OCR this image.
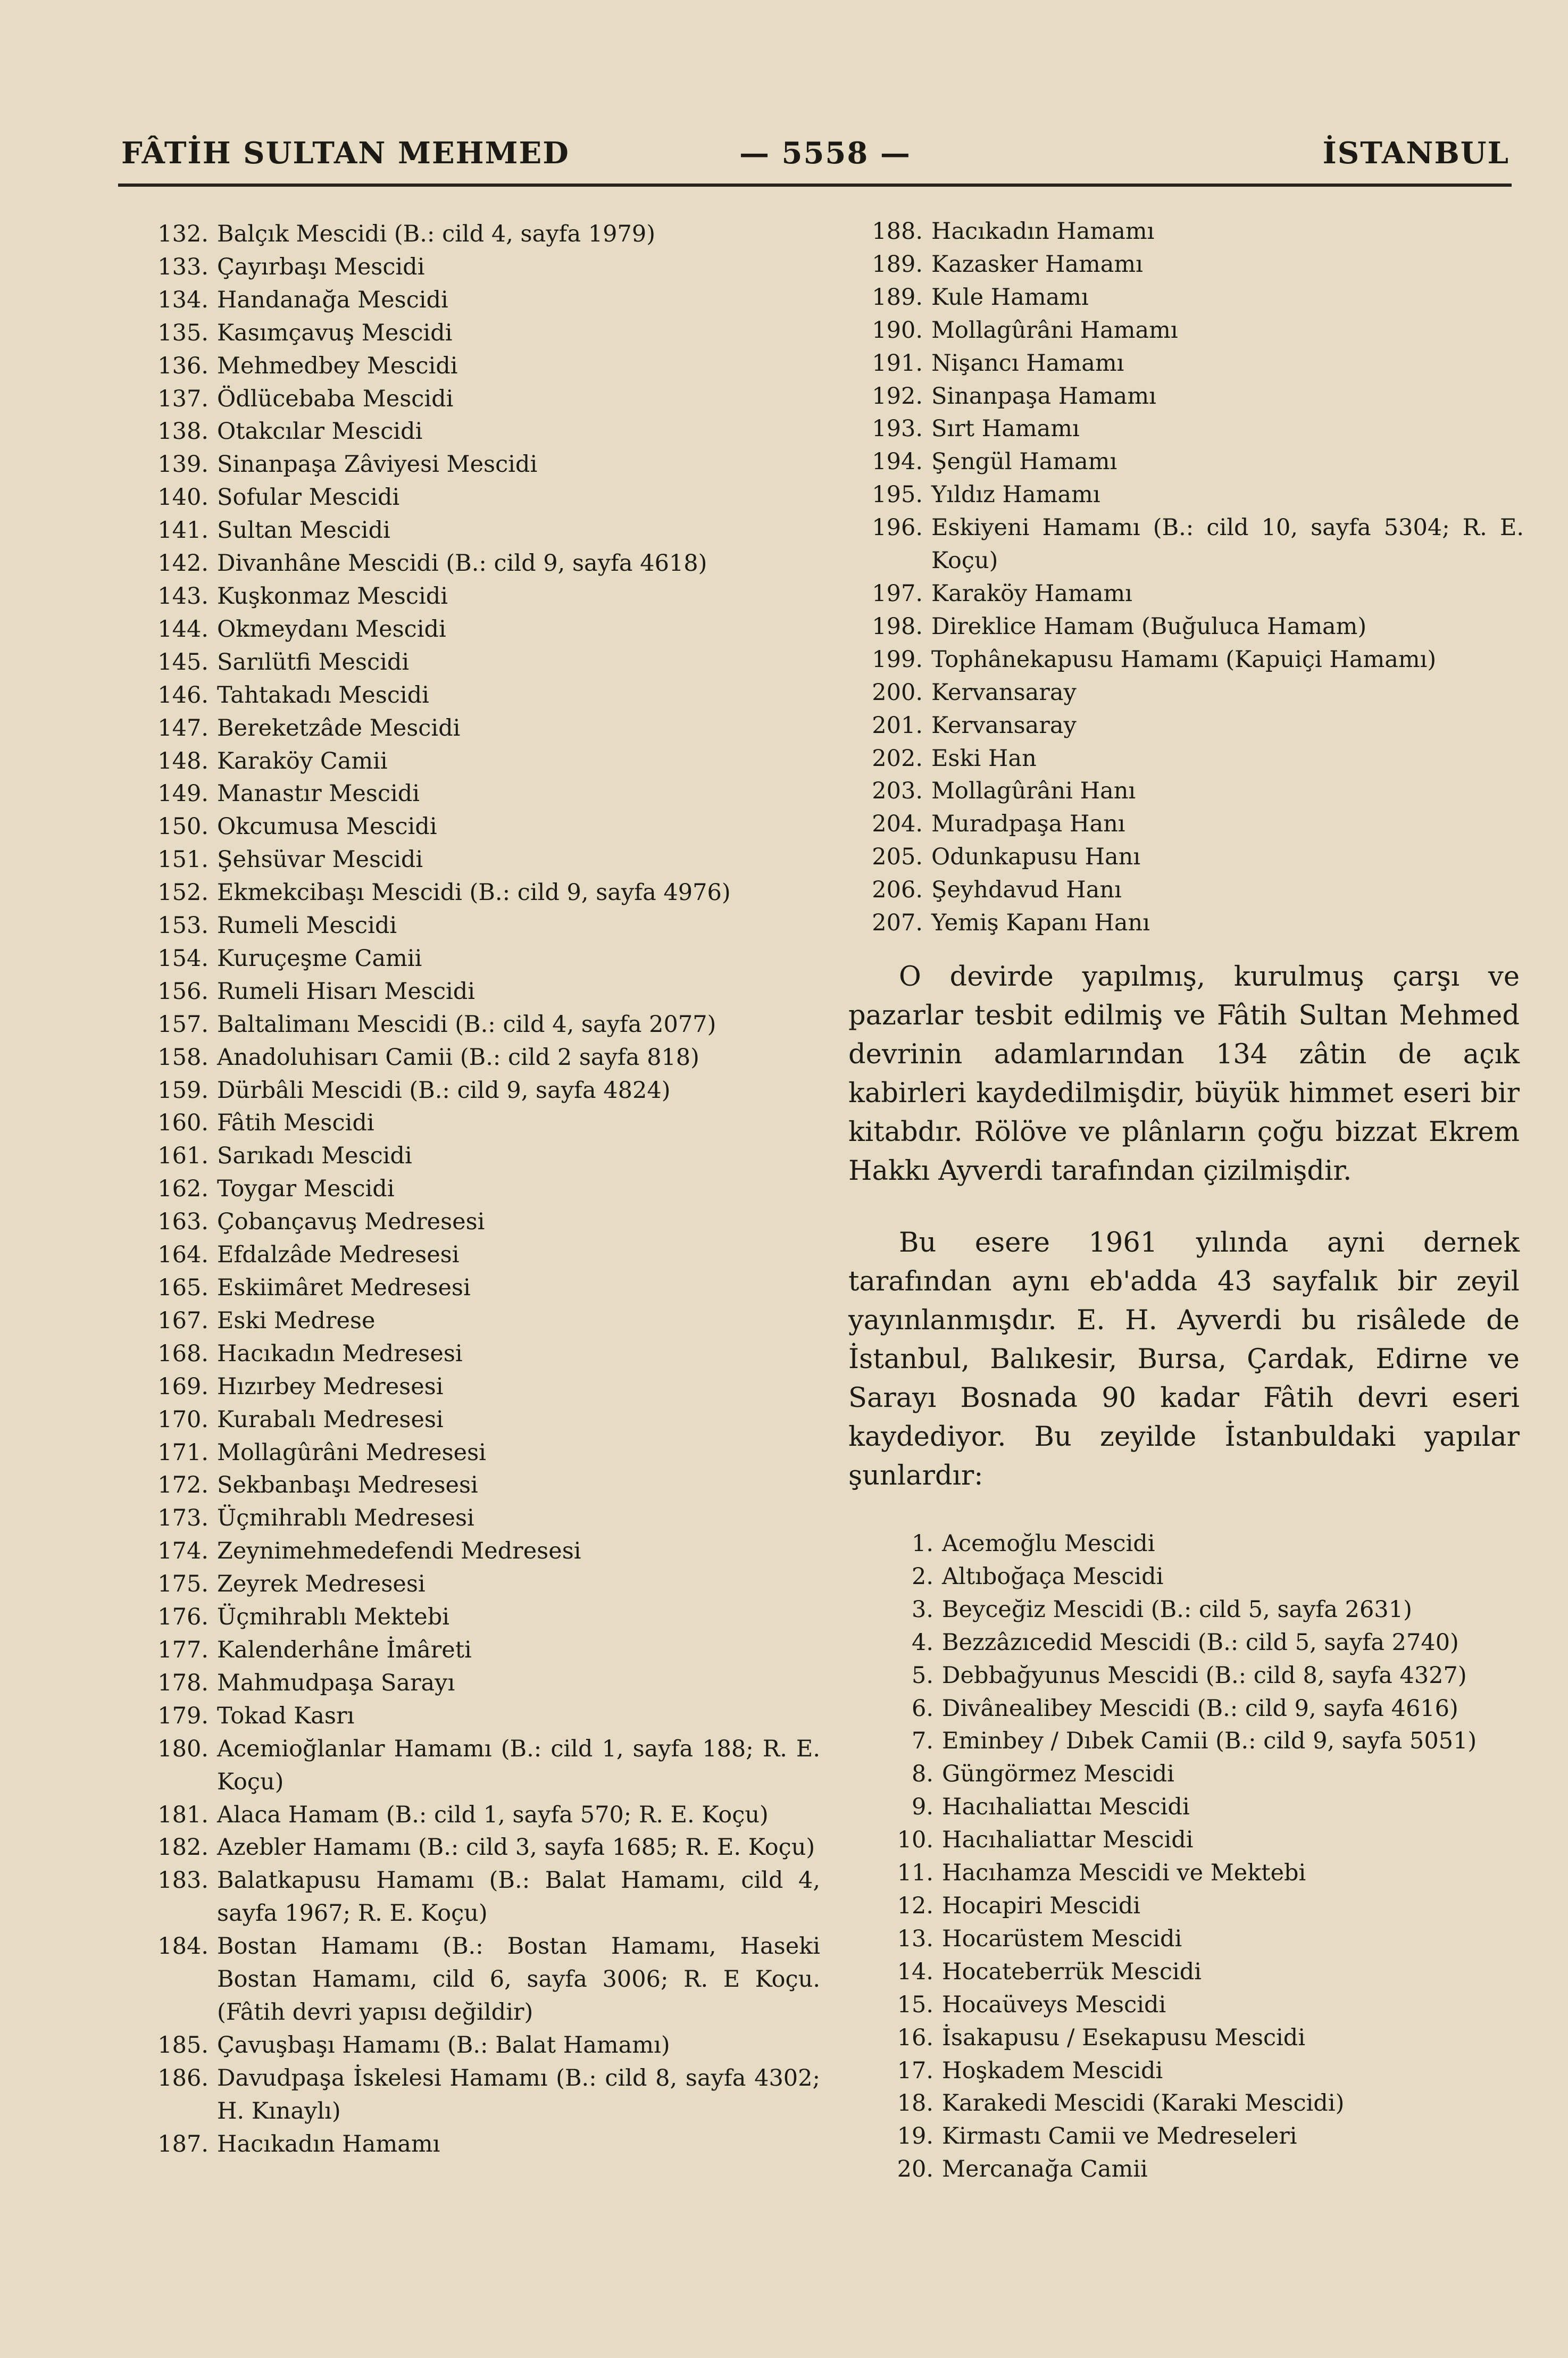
FÂTİH SULTAN MEHMED	— 5558 —	İSTANBUL
132. Balçık Mescidi (B.: cild 4, sayfa 1979)
133. Çayırbaşı Mescidi
134. Handanağa Mescidi
135. Kasımçavuş Mescidi
136. Mehmedbey Mescidi
137. Ödlücebaba Mescidi
138. Otakcılar Mescidi
139. Sinanpaşa Zâviyesi Mescidi
140. Sofular Mescidi
141. Sultan Mescidi
142. Divanhâne Mescidi (B.: cild 9, sayfa 4618)
143. Kuşkonmaz Mescidi
144. Okmeydanı Mescidi
145. Sarılütfi Mescidi
146. Tahtakadı Mescidi
147. Bereketzâde Mescidi
148. Karaköy Camii
149. Manastır Mescidi
150. Okcumusa Mescidi
151. Şehsüvar Mescidi
152. Ekmekcibaşı Mescidi (B.: cild 9, sayfa 4976)
153. Rumeli Mescidi
154. Kuruçeşme Camii
156. Rumeli Hisarı Mescidi
157. Baltalimanı Mescidi (B.: cild 4, sayfa 2077)
158. Anadoluhisarı Camii (B.: cild 2 sayfa 818)
159. Dürbâli Mescidi (B.: cild 9, sayfa 4824)
160. Fâtih Mescidi
161. Sarıkadı Mescidi
162. Toygar Mescidi
163. Çobançavuş Medresesi
164. Efdalzâde Medresesi
165. Eskiimâret Medresesi
167. Eski Medrese
168. Hacıkadın Medresesi
169. Hızırbey Medresesi
170. Kurabalı Medresesi
171. Mollagûrâni Medresesi
172. Sekbanbaşı Medresesi
173. Üçmihrablı Medresesi
174. Zeynimehmedefendi Medresesi
175. Zeyrek Medresesi
176. Üçmihrablı Mektebi
177. Kalenderhâne İmâreti
178. Mahmudpaşa Sarayı
179. Tokad Kasrı
180. Acemioğlanlar Hamamı (B.: cild 1, sayfa 188; R. E. Koçu)
181. Alaca Hamam (B.: cild 1, sayfa 570; R. E. Koçu)
182. Azebler Hamamı (B.: cild 3, sayfa 1685; R. E. Koçu)
183. Balatkapusu Hamamı (B.: Balat Hamamı, cild 4, sayfa 1967; R. E. Koçu)
184. Bostan Hamamı (B.: Bostan Hamamı, Haseki Bostan Hamamı, cild 6, sayfa 3006; R. E Koçu. (Fâtih devri yapısı değildir)
185. Çavuşbaşı Hamamı (B.: Balat Hamamı)
186. Davudpaşa İskelesi Hamamı (B.: cild 8, sayfa 4302; H. Kınaylı)
187. Hacıkadın Hamamı
188. Hacıkadın Hamamı
189. Kazasker Hamamı
189. Kule Hamamı
190. Mollagûrâni Hamamı
191. Nişancı Hamamı
192. Sinanpaşa Hamamı
193. Sırt Hamamı
194. Şengül Hamamı
195. Yıldız Hamamı
196. Eskiyeni Hamamı (B.: cild 10, sayfa 5304; R. E. Koçu)
197. Karaköy Hamamı
198. Direklice Hamam (Buğuluca Hamam)
199. Tophânekapusu Hamamı (Kapuiçi Hamamı)
200. Kervansaray
201. Kervansaray
202. Eski Han
203. Mollagûrâni Hanı
204. Muradpaşa Hanı
205. Odunkapusu Hanı
206. Şeyhdavud Hanı
207. Yemiş Kapanı Hanı
O devirde yapılmış, kurulmuş çarşı ve pazarlar tesbit edilmiş ve Fâtih Sultan Mehmed devrinin adamlarından 134 zâtin de açık kabirleri kaydedilmişdir, büyük himmet eseri bir kitabdır. Rölöve ve plânların çoğu bizzat Ekrem Hakkı Ayverdi tarafından çizilmişdir.
Bu esere 1961 yılında ayni dernek tarafından aynı eb'adda 43 sayfalık bir zeyil yayınlanmışdır. E. H. Ayverdi bu risâlede de İstanbul, Balıkesir, Bursa, Çardak, Edirne ve Sarayı Bosnada 90 kadar Fâtih devri eseri kaydediyor. Bu zeyilde İstanbuldaki yapılar şunlardır:
1. Acemoğlu Mescidi
2. Altıboğaça Mescidi
3. Beyceğiz Mescidi (B.: cild 5, sayfa 2631)
4. Bezzâzıcedid Mescidi (B.: cild 5, sayfa 2740)
5. Debbağyunus Mescidi (B.: cild 8, sayfa 4327)
6. Divânealibey Mescidi (B.: cild 9, sayfa 4616)
7. Eminbey / Dıbek Camii (B.: cild 9, sayfa 5051)
8. Güngörmez Mescidi
9. Hacıhaliattaı Mescidi
10. Hacıhaliattar Mescidi
11. Hacıhamza Mescidi ve Mektebi
12. Hocapiri Mescidi
13. Hocarüstem Mescidi
14. Hocateberrük Mescidi
15. Hocaüveys Mescidi
16. İsakapusu / Esekapusu Mescidi
17. Hoşkadem Mescidi
18. Karakedi Mescidi (Karaki Mescidi)
19. Kirmastı Camii ve Medreseleri
20. Mercanağa Camii
